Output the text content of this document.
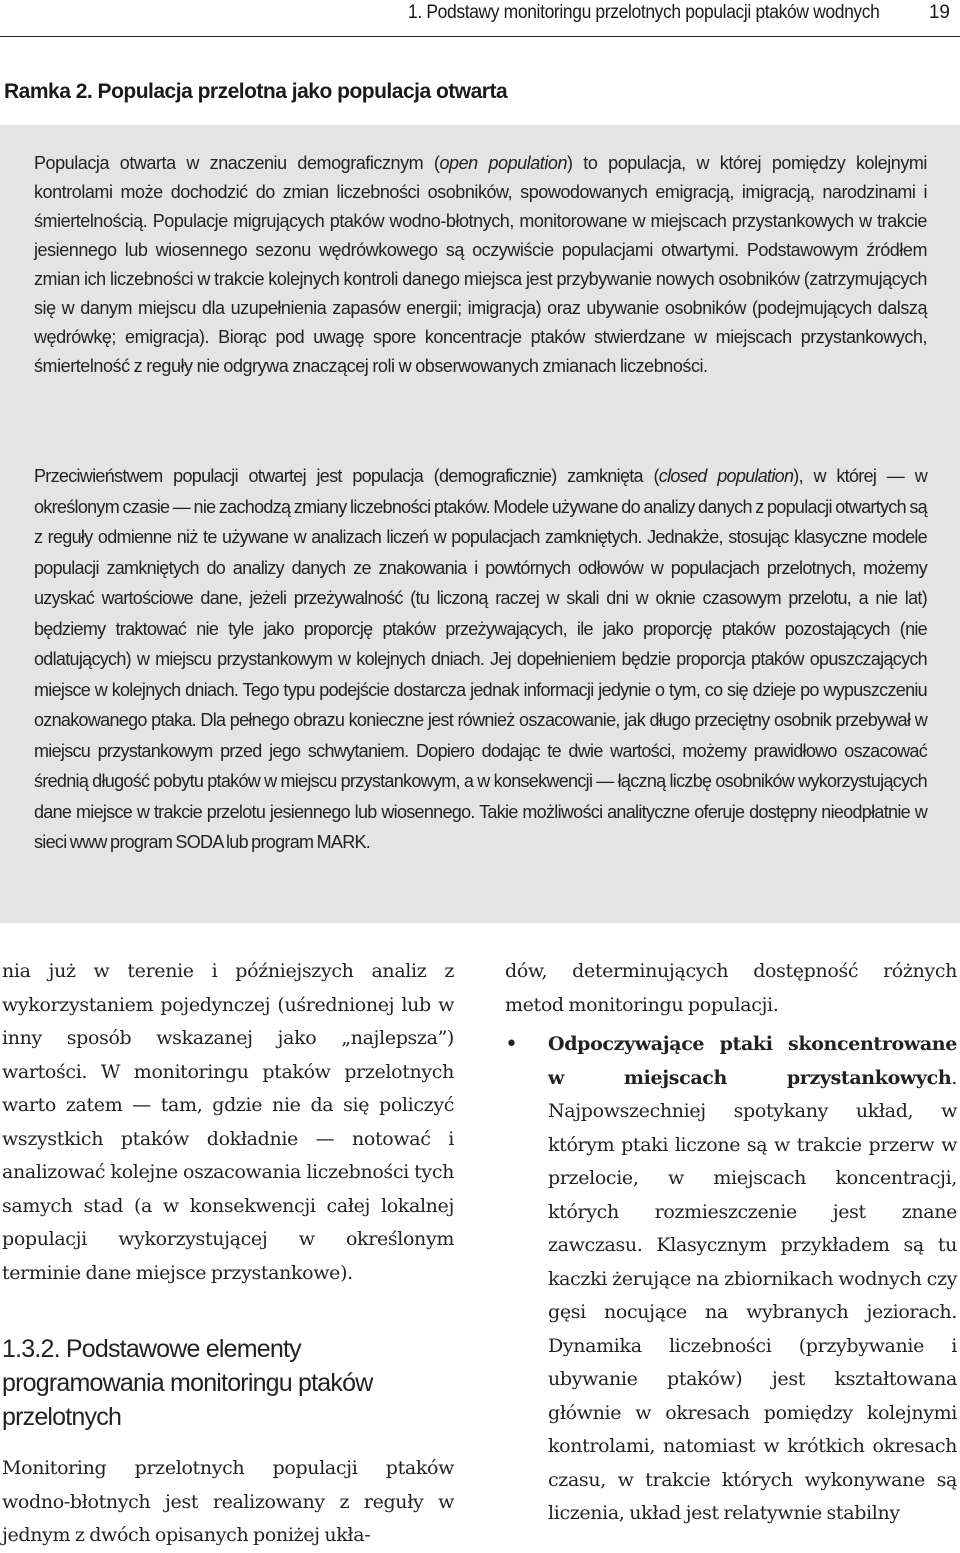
1. Podstawy monitoringu przelotnych populacji ptaków wodnych	19
Ramka 2. Populacja przelotna jako populacja otwarta

Populacja otwarta w znaczeniu demograficznym (open population) to populacja, w której pomiędzy kolejnymi kontrolami może dochodzić do zmian liczebności osobników, spowodowanych emigracją, imigracją, narodzinami i śmiertelnością. Populacje migrujących ptaków wodno-błotnych, monitorowane w miejscach przystankowych w trakcie jesiennego lub wiosennego sezonu wędrówkowego są oczywiście populacjami otwartymi. Podstawowym źródłem zmian ich liczebności w trakcie kolejnych kontroli danego miejsca jest przybywanie nowych osobników (zatrzymujących się w danym miejscu dla uzupełnienia zapasów energii; imigracja) oraz ubywanie osobników (podejmujących dalszą wędrówkę; emigracja). Biorąc pod uwagę spore koncentracje ptaków stwierdzane w miejscach przystankowych, śmiertelność z reguły nie odgrywa znaczącej roli w obserwowanych zmianach liczebności.

Przeciwieństwem populacji otwartej jest populacja (demograficznie) zamknięta (closed population), w której — w określonym czasie — nie zachodzą zmiany liczebności ptaków. Modele używane do analizy danych z populacji otwartych są z reguły odmienne niż te używane w analizach liczeń w populacjach zamkniętych. Jednakże, stosując klasyczne modele populacji zamkniętych do analizy danych ze znakowania i powtórnych odłowów w populacjach przelotnych, możemy uzyskać wartościowe dane, jeżeli przeżywalność (tu liczoną raczej w skali dni w oknie czasowym przelotu, a nie lat) będziemy traktować nie tyle jako proporcję ptaków przeżywających, ile jako proporcję ptaków pozostających (nie odlatujących) w miejscu przystankowym w kolejnych dniach. Jej dopełnieniem będzie proporcja ptaków opuszczających miejsce w kolejnych dniach. Tego typu podejście dostarcza jednak informacji jedynie o tym, co się dzieje po wypuszczeniu oznakowanego ptaka. Dla pełnego obrazu konieczne jest również oszacowanie, jak długo przeciętny osobnik przebywał w miejscu przystankowym przed jego schwytaniem. Dopiero dodając te dwie wartości, możemy prawidłowo oszacować średnią długość pobytu ptaków w miejscu przystankowym, a w konsekwencji — łączną liczbę osobników wykorzystujących dane miejsce w trakcie przelotu jesiennego lub wiosennego. Takie możliwości analityczne oferuje dostępny nieodpłatnie w sieci www program SODA lub program MARK.

nia już w terenie i późniejszych analiz z wykorzystaniem pojedynczej (uśrednionej lub w inny sposób wskazanej jako „najlepsza”) wartości. W monitoringu ptaków przelotnych warto zatem — tam, gdzie nie da się policzyć wszystkich ptaków dokładnie — notować i analizować kolejne oszacowania liczebności tych samych stad (a w konsekwencji całej lokalnej populacji wykorzystującej w określonym terminie dane miejsce przystankowe).

1.3.2. Podstawowe elementy programowania monitoringu ptaków przelotnych

Monitoring przelotnych populacji ptaków wodno-błotnych jest realizowany z reguły w jednym z dwóch opisanych poniżej ukła-

dów, determinujących dostępność różnych metod monitoringu populacji.

• Odpoczywające ptaki skoncentrowane w miejscach przystankowych. Najpowszechniej spotykany układ, w którym ptaki liczone są w trakcie przerw w przelocie, w miejscach koncentracji, których rozmieszczenie jest znane zawczasu. Klasycznym przykładem są tu kaczki żerujące na zbiornikach wodnych czy gęsi nocujące na wybranych jeziorach. Dynamika liczebności (przybywanie i ubywanie ptaków) jest kształtowana głównie w okresach pomiędzy kolejnymi kontrolami, natomiast w krótkich okresach czasu, w trakcie których wykonywane są liczenia, układ jest relatywnie stabilny
